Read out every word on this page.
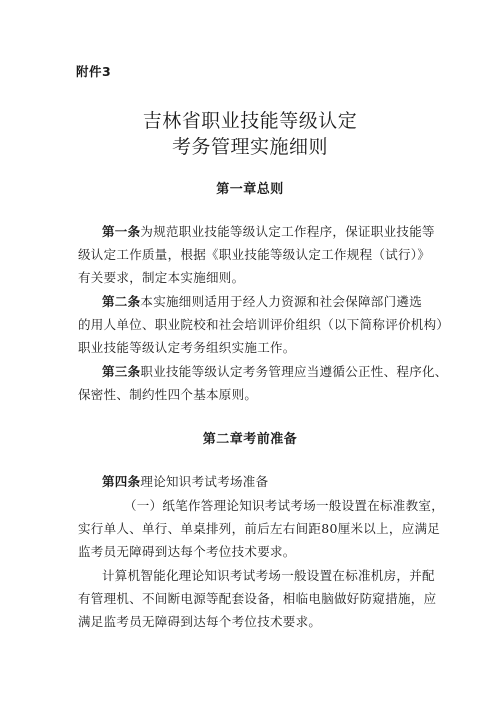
附件3
吉林省职业技能等级认定
考务管理实施细则
第一章总则
第一条为规范职业技能等级认定工作程序，保证职业技能等
级认定工作质量，根据《职业技能等级认定工作规程（试行）》
有关要求，制定本实施细则。
第二条本实施细则适用于经人力资源和社会保障部门遴选
的用人单位、职业院校和社会培训评价组织（以下简称评价机构）
职业技能等级认定考务组织实施工作。
第三条职业技能等级认定考务管理应当遵循公正性、程序化、
保密性、制约性四个基本原则。
第二章考前准备
第四条理论知识考试考场准备
（一）纸笔作答理论知识考试考场一般设置在标准教室，
实行单人、单行、单桌排列，前后左右间距80厘米以上，应满足
监考员无障碍到达每个考位技术要求。
计算机智能化理论知识考试考场一般设置在标准机房，并配
有管理机、不间断电源等配套设备，相临电脑做好防窥措施，应
满足监考员无障碍到达每个考位技术要求。
